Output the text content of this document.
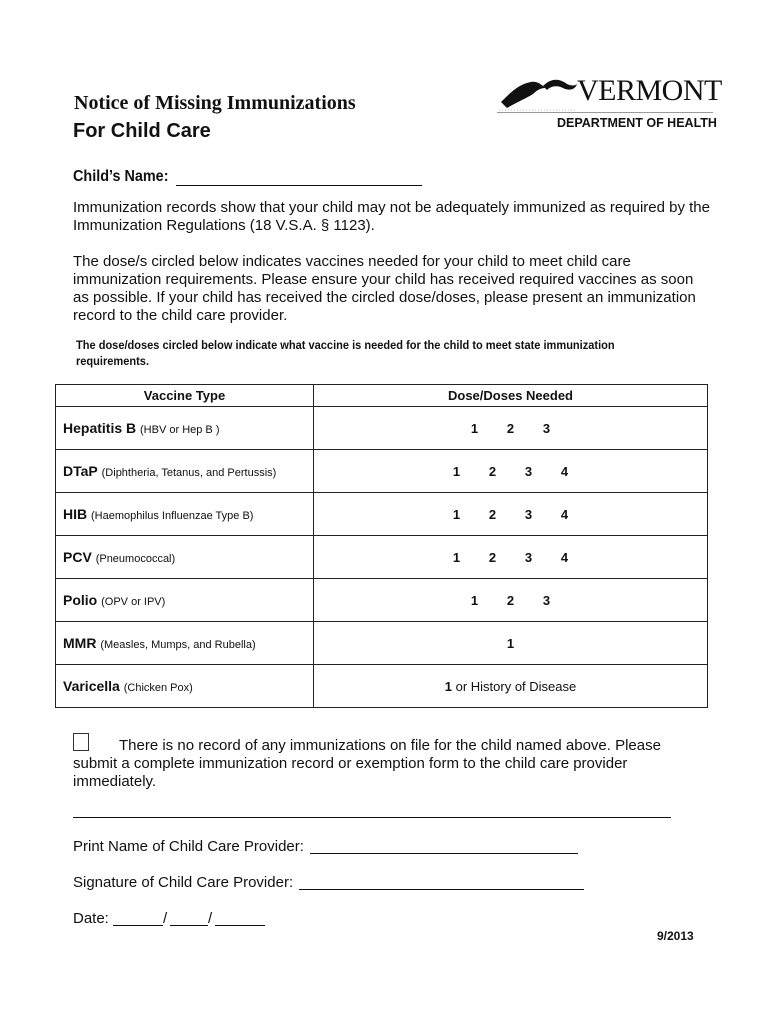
Notice of Missing Immunizations
For Child Care
VERMONT
DEPARTMENT OF HEALTH
Child’s Name:
Immunization records show that your child may not be adequately immunized as required by the Immunization Regulations (18 V.S.A. § 1123).
The dose/s circled below indicates vaccines needed for your child to meet child care immunization requirements. Please ensure your child has received required vaccines as soon as possible. If your child has received the circled dose/doses, please present an immunization record to the child care provider.
The dose/doses circled below indicate what vaccine is needed for the child to meet state immunization requirements.
Vaccine Type	Dose/Doses Needed
Hepatitis B (HBV or Hep B )	1 2 3
DTaP (Diphtheria, Tetanus, and Pertussis)	1 2 3 4
HIB (Haemophilus Influenzae Type B)	1 2 3 4
PCV (Pneumococcal)	1 2 3 4
Polio (OPV or IPV)	1 2 3
MMR (Measles, Mumps, and Rubella)	1
Varicella (Chicken Pox)	1 or History of Disease
There is no record of any immunizations on file for the child named above. Please submit a complete immunization record or exemption form to the child care provider immediately.
Print Name of Child Care Provider:
Signature of Child Care Provider:
Date:	/	/
9/2013
